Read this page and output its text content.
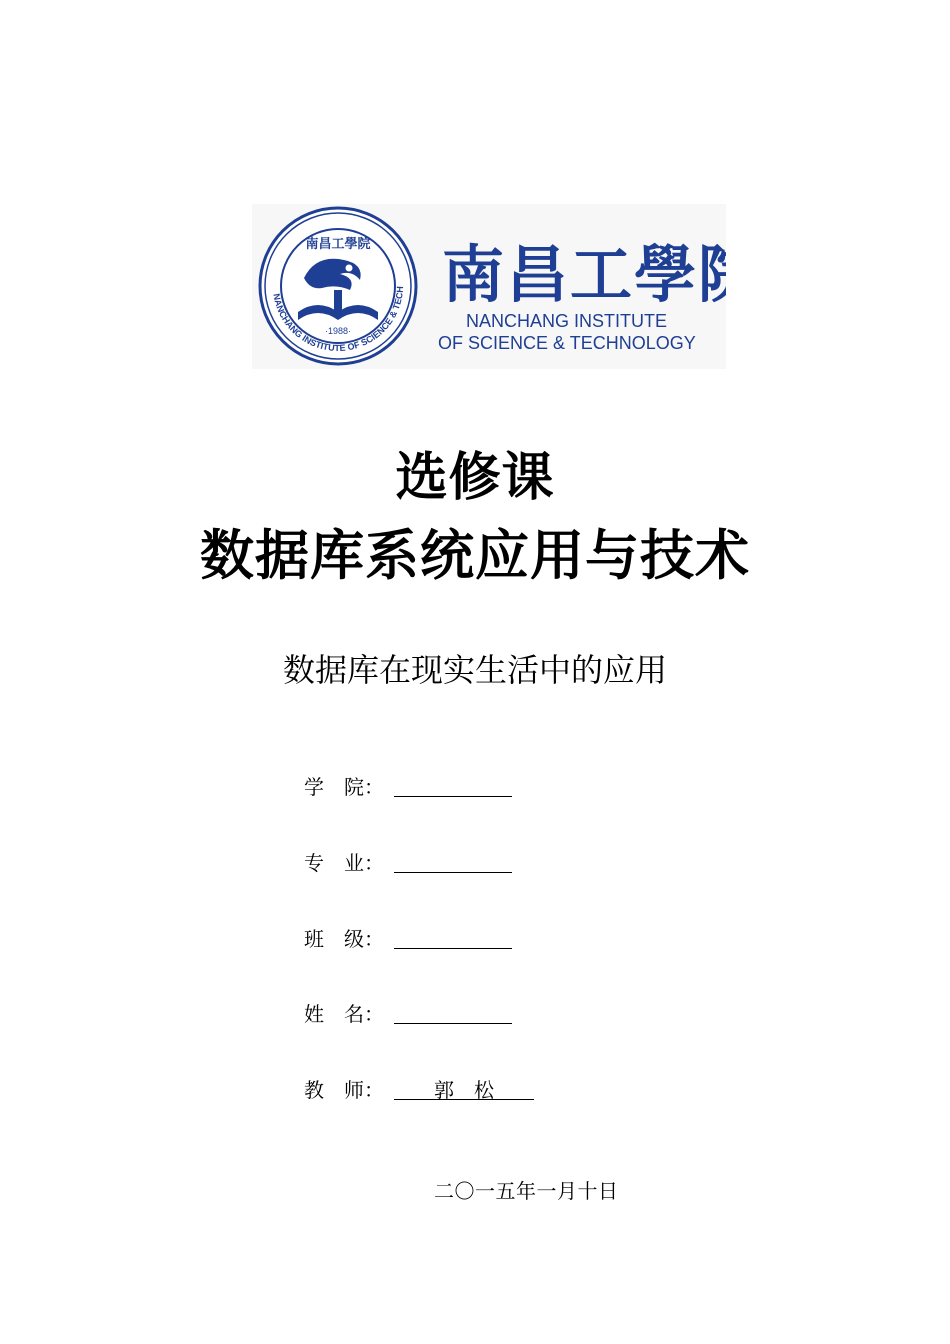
NANCHANG INSTITUTE OF SCIENCE & TECH
南昌工學院
·1988·
南昌工學
NANCHANG INSTITUTE
OF SCIENCE & TECHNOLOGY
选修课
数据库系统应用与技术
数据库在现实生活中的应用
学　院：
专　业：
班　级：
姓　名：
教　师：	郭松
二〇一五年一月十日
